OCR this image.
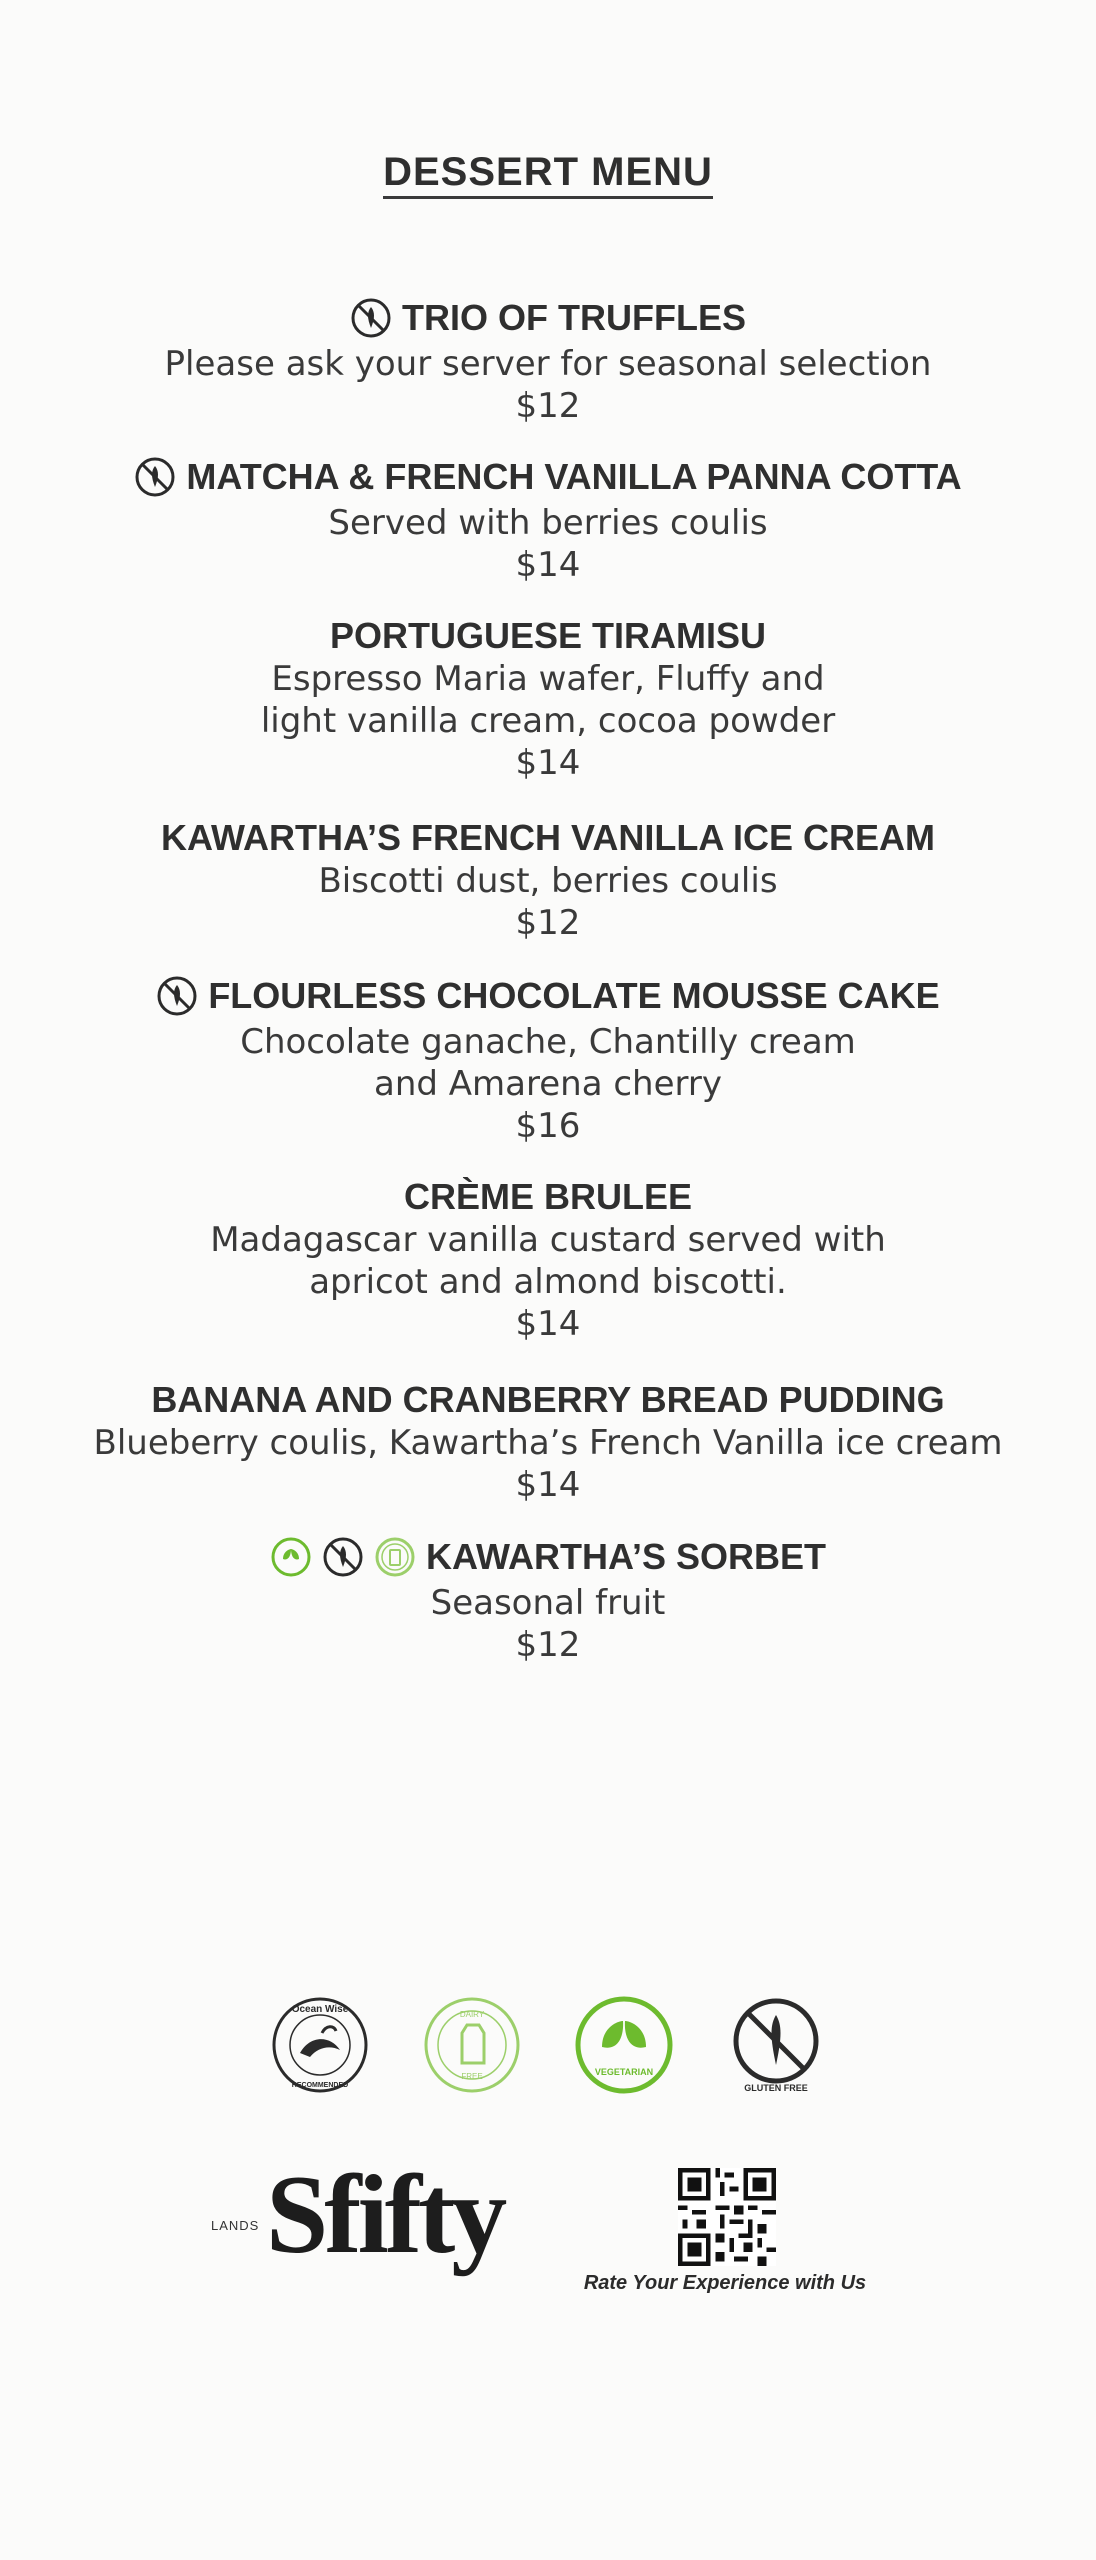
DESSERT MENU
TRIO OF TRUFFLES
Please ask your server for seasonal selection
$12
MATCHA & FRENCH VANILLA PANNA COTTA
Served with berries coulis
$14
PORTUGUESE TIRAMISU
Espresso Maria wafer, Fluffy and
light vanilla cream, cocoa powder
$14
KAWARTHA’S FRENCH VANILLA ICE CREAM
Biscotti dust, berries coulis
$12
FLOURLESS CHOCOLATE MOUSSE CAKE
Chocolate ganache, Chantilly cream
and Amarena cherry
$16
CRÈME BRULEE
Madagascar vanilla custard served with
apricot and almond biscotti.
$14
BANANA AND CRANBERRY BREAD PUDDING
Blueberry coulis, Kawartha’s French Vanilla ice cream
$14
KAWARTHA’S SORBET
Seasonal fruit
$12
Ocean Wise
RECOMMENDED
DAIRY
FREE	VEGETARIAN
GLUTEN FREE
LANDS Sfifty
Rate Your Experience with Us
